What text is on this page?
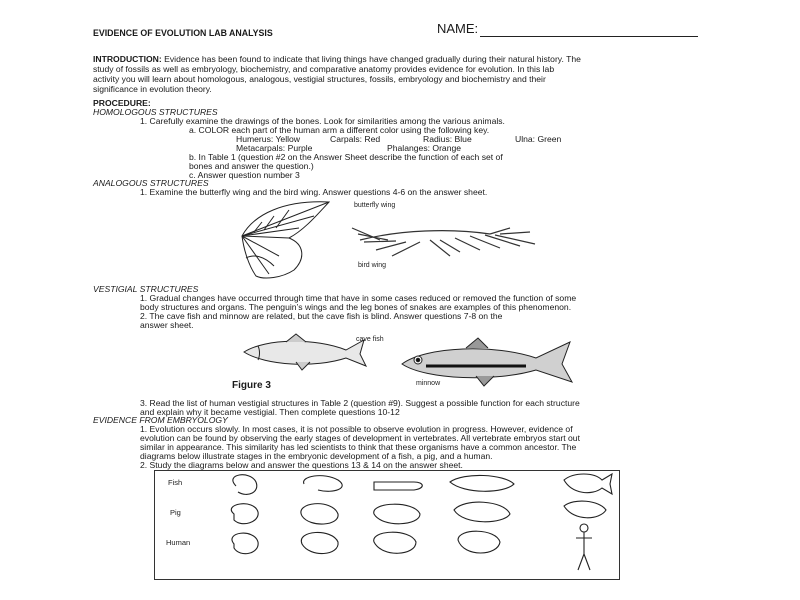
EVIDENCE OF EVOLUTION LAB ANALYSIS	NAME:
INTRODUCTION: Evidence has been found to indicate that living things have changed gradually during their natural history. The
study of fossils as well as embryology, biochemistry, and comparative anatomy provides evidence for evolution. In this lab
activity you will learn about homologous, analogous, vestigial structures, fossils, embryology and biochemistry and their
significance in evolution theory.
PROCEDURE:
HOMOLOGOUS STRUCTURES
1. Carefully examine the drawings of the bones. Look for similarities among the various animals.
a. COLOR each part of the human arm a different color using the following key.
Humerus: Yellow	Carpals: Red	Radius: Blue	Ulna: Green
Metacarpals: Purple	Phalanges: Orange
b. In Table 1 (question #2 on the Answer Sheet describe the function of each set of
bones and answer the question.)
c. Answer question number 3
ANALOGOUS STRUCTURES
1. Examine the butterfly wing and the bird wing. Answer questions 4-6 on the answer sheet.
butterfly wing
bird wing
VESTIGIAL STRUCTURES
1. Gradual changes have occurred through time that have in some cases reduced or removed the function of some
body structures and organs. The penguin’s wings and the leg bones of snakes are examples of this phenomenon.
2. The cave fish and minnow are related, but the cave fish is blind. Answer questions 7-8 on the
answer sheet.
cave fish
minnow
Figure 3
3. Read the list of human vestigial structures in Table 2 (question #9). Suggest a possible function for each structure
and explain why it became vestigial. Then complete questions 10-12
EVIDENCE FROM EMBRYOLOGY
1. Evolution occurs slowly. In most cases, it is not possible to observe evolution in progress. However, evidence of
evolution can be found by observing the early stages of development in vertebrates. All vertebrate embryos start out
similar in appearance. This similarity has led scientists to think that these organisms have a common ancestor. The
diagrams below illustrate stages in the embryonic development of a fish, a pig, and a human.
2. Study the diagrams below and answer the questions 13 & 14 on the answer sheet.
Fish
Pig
Human
